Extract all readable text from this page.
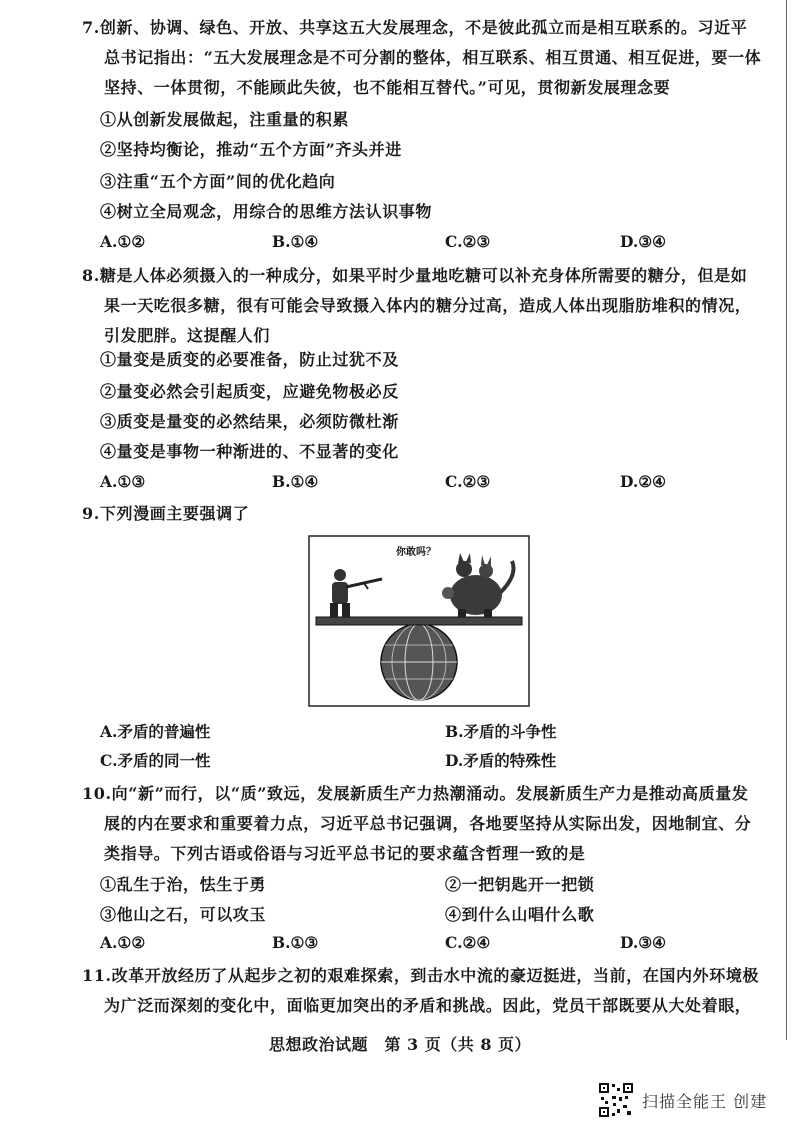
7.创新、协调、绿色、开放、共享这五大发展理念，不是彼此孤立而是相互联系的。习近平总书记指出：“五大发展理念是不可分割的整体，相互联系、相互贯通、相互促进，要一体坚持、一体贯彻，不能顾此失彼，也不能相互替代。”可见，贯彻新发展理念要
①从创新发展做起，注重量的积累
②坚持均衡论，推动“五个方面”齐头并进
③注重“五个方面”间的优化趋向
④树立全局观念，用综合的思维方法认识事物
A.①②	B.①④	C.②③	D.③④
8.糖是人体必须摄入的一种成分，如果平时少量地吃糖可以补充身体所需要的糖分，但是如果一天吃很多糖，很有可能会导致摄入体内的糖分过高，造成人体出现脂肪堆积的情况，引发肥胖。这提醒人们
①量变是质变的必要准备，防止过犹不及
②量变必然会引起质变，应避免物极必反
③质变是量变的必然结果，必须防微杜渐
④量变是事物一种渐进的、不显著的变化
A.①③	B.①④	C.②③	D.②④
9.下列漫画主要强调了
你敢吗？
A.矛盾的普遍性	B.矛盾的斗争性
C.矛盾的同一性	D.矛盾的特殊性
10.向“新”而行，以“质”致远，发展新质生产力热潮涌动。发展新质生产力是推动高质量发展的内在要求和重要着力点，习近平总书记强调，各地要坚持从实际出发，因地制宜、分类指导。下列古语或俗语与习近平总书记的要求蕴含哲理一致的是
①乱生于治，怯生于勇	②一把钥匙开一把锁
③他山之石，可以攻玉	④到什么山唱什么歌
A.①②	B.①③	C.②④	D.③④
11.改革开放经历了从起步之初的艰难探索，到击水中流的豪迈挺进，当前，在国内外环境极为广泛而深刻的变化中，面临更加突出的矛盾和挑战。因此，党员干部既要从大处着眼，
思想政治试题　第 3 页（共 8 页）
扫描全能王 创建
